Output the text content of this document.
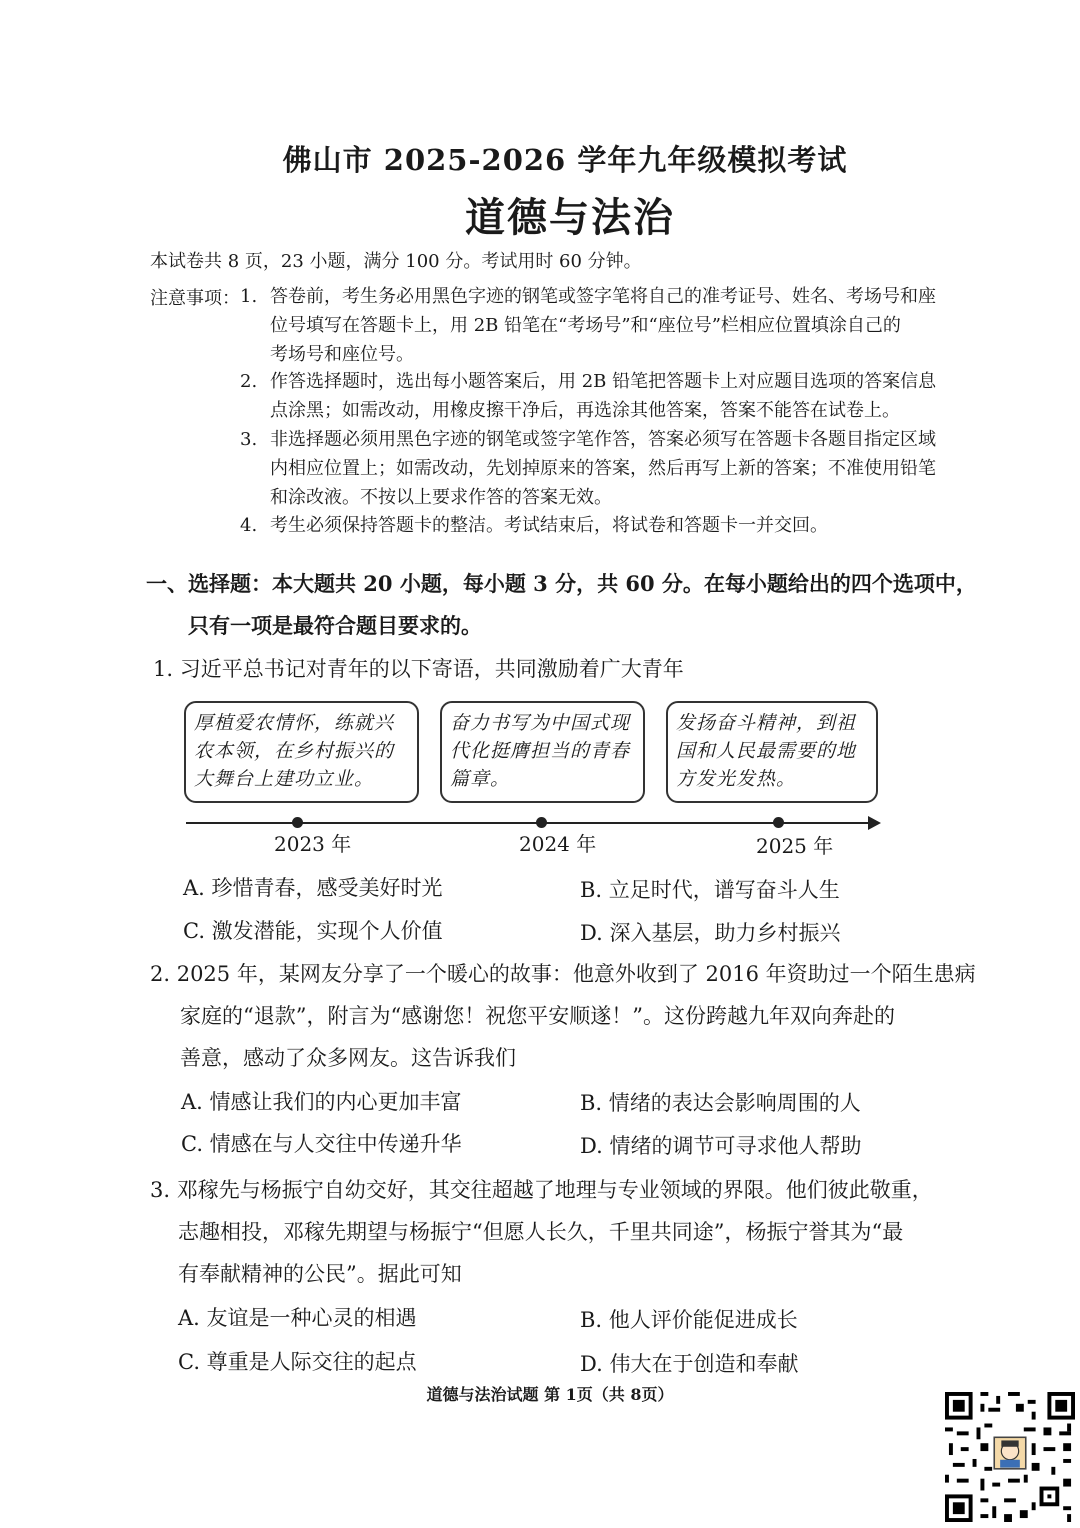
佛山市 2025-2026 学年九年级模拟考试
道德与法治
本试卷共 8 页，23 小题，满分 100 分。考试用时 60 分钟。
注意事项： 1. 答卷前，考生务必用黑色字迹的钢笔或签字笔将自己的准考证号、姓名、考场号和座
位号填写在答题卡上，用 2B 铅笔在“考场号”和“座位号”栏相应位置填涂自己的
考场号和座位号。
2. 作答选择题时，选出每小题答案后，用 2B 铅笔把答题卡上对应题目选项的答案信息
点涂黑；如需改动，用橡皮擦干净后，再选涂其他答案，答案不能答在试卷上。
3. 非选择题必须用黑色字迹的钢笔或签字笔作答，答案必须写在答题卡各题目指定区域
内相应位置上；如需改动，先划掉原来的答案，然后再写上新的答案；不准使用铅笔
和涂改液。不按以上要求作答的答案无效。
4. 考生必须保持答题卡的整洁。考试结束后，将试卷和答题卡一并交回。
一、选择题：本大题共 20 小题，每小题 3 分，共 60 分。在每小题给出的四个选项中，
只有一项是最符合题目要求的。
1. 习近平总书记对青年的以下寄语，共同激励着广大青年
厚植爱农情怀，练就兴
农本领，在乡村振兴的
大舞台上建功立业。
奋力书写为中国式现
代化挺膺担当的青春
篇章。
发扬奋斗精神，到祖
国和人民最需要的地
方发光发热。
2023 年	2024 年	2025 年
A. 珍惜青春，感受美好时光	B. 立足时代，谱写奋斗人生
C. 激发潜能，实现个人价值	D. 深入基层，助力乡村振兴
2. 2025 年，某网友分享了一个暖心的故事：他意外收到了 2016 年资助过一个陌生患病
家庭的“退款”，附言为“感谢您！祝您平安顺遂！”。这份跨越九年双向奔赴的
善意，感动了众多网友。这告诉我们
A. 情感让我们的内心更加丰富	B. 情绪的表达会影响周围的人
C. 情感在与人交往中传递升华	D. 情绪的调节可寻求他人帮助
3. 邓稼先与杨振宁自幼交好，其交往超越了地理与专业领域的界限。他们彼此敬重，
志趣相投，邓稼先期望与杨振宁“但愿人长久，千里共同途”，杨振宁誉其为“最
有奉献精神的公民”。据此可知
A. 友谊是一种心灵的相遇	B. 他人评价能促进成长
C. 尊重是人际交往的起点	D. 伟大在于创造和奉献
道德与法治试题 第 1页（共 8页）
